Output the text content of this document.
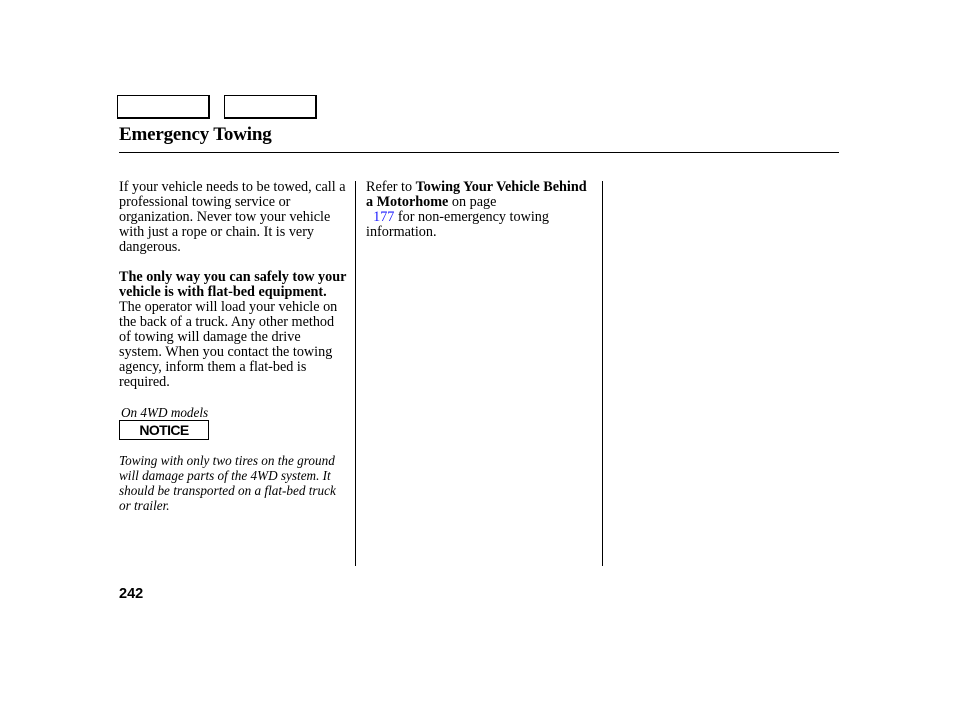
Emergency Towing

If your vehicle needs to be towed, call a professional towing service or organization. Never tow your vehicle with just a rope or chain. It is very dangerous.

The only way you can safely tow your vehicle is with flat-bed equipment. The operator will load your vehicle on the back of a truck. Any other method of towing will damage the drive system. When you contact the towing agency, inform them a flat-bed is required.

On 4WD models

NOTICE

Towing with only two tires on the ground will damage parts of the 4WD system. It should be transported on a flat-bed truck or trailer.

Refer to Towing Your Vehicle Behind a Motorhome on page
177 for non-emergency towing information.

242
